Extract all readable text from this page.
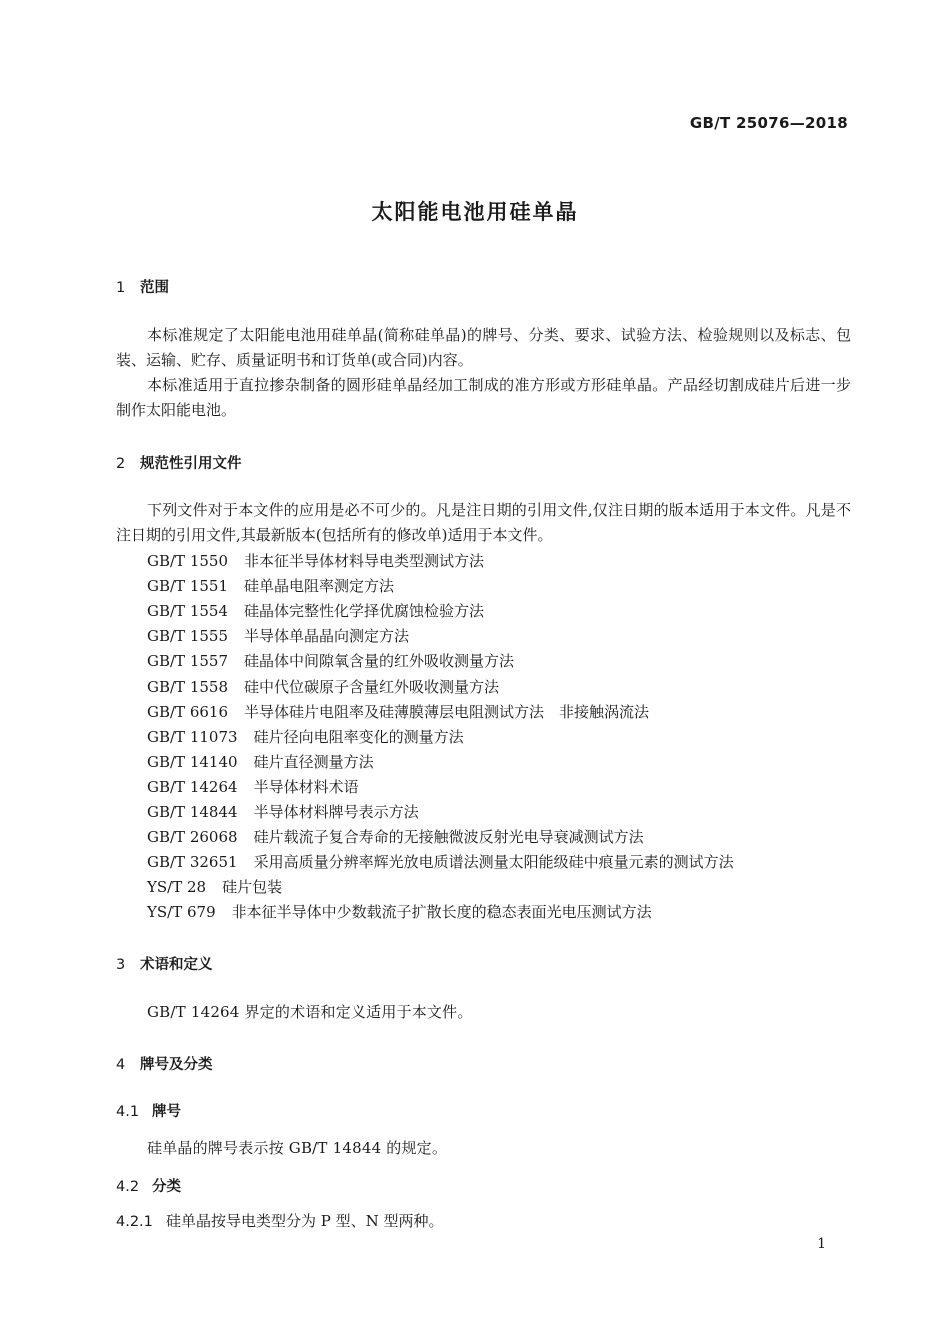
GB/T 25076—2018
太阳能电池用硅单晶
1 范围
本标准规定了太阳能电池用硅单晶(简称硅单晶)的牌号、分类、要求、试验方法、检验规则以及标志、包装、运输、贮存、质量证明书和订货单(或合同)内容。
本标准适用于直拉掺杂制备的圆形硅单晶经加工制成的准方形或方形硅单晶。产品经切割成硅片后进一步制作太阳能电池。
2 规范性引用文件
下列文件对于本文件的应用是必不可少的。凡是注日期的引用文件,仅注日期的版本适用于本文件。凡是不注日期的引用文件,其最新版本(包括所有的修改单)适用于本文件。
GB/T 1550 非本征半导体材料导电类型测试方法
GB/T 1551 硅单晶电阻率测定方法
GB/T 1554 硅晶体完整性化学择优腐蚀检验方法
GB/T 1555 半导体单晶晶向测定方法
GB/T 1557 硅晶体中间隙氧含量的红外吸收测量方法
GB/T 1558 硅中代位碳原子含量红外吸收测量方法
GB/T 6616 半导体硅片电阻率及硅薄膜薄层电阻测试方法　非接触涡流法
GB/T 11073 硅片径向电阻率变化的测量方法
GB/T 14140 硅片直径测量方法
GB/T 14264 半导体材料术语
GB/T 14844 半导体材料牌号表示方法
GB/T 26068 硅片载流子复合寿命的无接触微波反射光电导衰减测试方法
GB/T 32651 采用高质量分辨率辉光放电质谱法测量太阳能级硅中痕量元素的测试方法
YS/T 28 硅片包装
YS/T 679 非本征半导体中少数载流子扩散长度的稳态表面光电压测试方法
3 术语和定义
GB/T 14264 界定的术语和定义适用于本文件。
4 牌号及分类
4.1 牌号
硅单晶的牌号表示按 GB/T 14844 的规定。
4.2 分类
4.2.1 硅单晶按导电类型分为 P 型、N 型两种。
1
